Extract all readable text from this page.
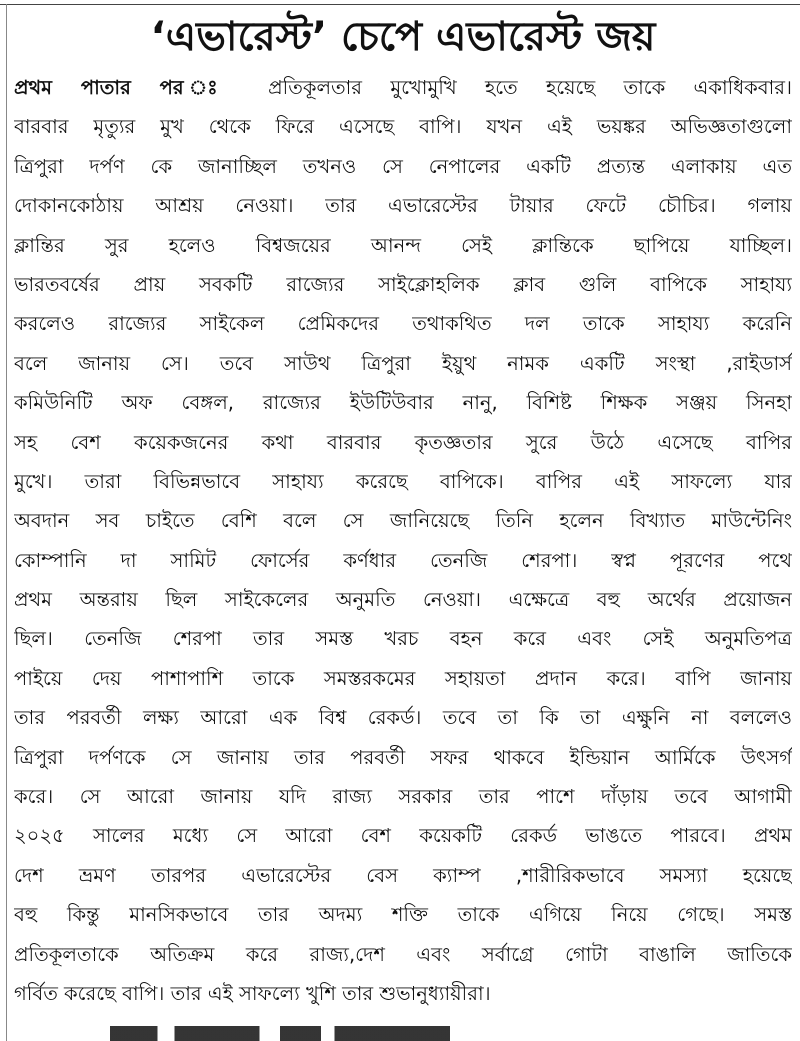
‘এভারেস্ট’ চেপে এভারেস্ট জয়
প্রথম পাতার পর ঃ প্রতিকূলতার মুখোমুখি হতে হয়েছে তাকে একাধিকবার।
বারবার মৃত্যুর মুখ থেকে ফিরে এসেছে বাপি। যখন এই ভয়ঙ্কর অভিজ্ঞতাগুলো
ত্রিপুরা দর্পণ কে জানাচ্ছিল তখনও সে নেপালের একটি প্রত্যন্ত এলাকায় এত
দোকানকোঠায় আশ্রয় নেওয়া। তার এভারেস্টের টায়ার ফেটে চৌচির। গলায়
ক্লান্তির সুর হলেও বিশ্বজয়ের আনন্দ সেই ক্লান্তিকে ছাপিয়ে যাচ্ছিল।
ভারতবর্ষের প্রায় সবকটি রাজ্যের সাইক্লোহলিক ক্লাব গুলি বাপিকে সাহায্য
করলেও রাজ্যের সাইকেল প্রেমিকদের তথাকথিত দল তাকে সাহায্য করেনি
বলে জানায় সে। তবে সাউথ ত্রিপুরা ইয়ুথ নামক একটি সংস্থা ,রাইডার্স
কমিউনিটি অফ বেঙ্গল, রাজ্যের ইউটিউবার নানু, বিশিষ্ট শিক্ষক সঞ্জয় সিনহা
সহ বেশ কয়েকজনের কথা বারবার কৃতজ্ঞতার সুরে উঠে এসেছে বাপির
মুখে। তারা বিভিন্নভাবে সাহায্য করেছে বাপিকে। বাপির এই সাফল্যে যার
অবদান সব চাইতে বেশি বলে সে জানিয়েছে তিনি হলেন বিখ্যাত মাউন্টেনিং
কোম্পানি দা সামিট ফোর্সের কর্ণধার তেনজি শেরপা। স্বপ্ন পূরণের পথে
প্রথম অন্তরায় ছিল সাইকেলের অনুমতি নেওয়া। এক্ষেত্রে বহু অর্থের প্রয়োজন
ছিল। তেনজি শেরপা তার সমস্ত খরচ বহন করে এবং সেই অনুমতিপত্র
পাইয়ে দেয় পাশাপাশি তাকে সমস্তরকমের সহায়তা প্রদান করে। বাপি জানায়
তার পরবর্তী লক্ষ্য আরো এক বিশ্ব রেকর্ড। তবে তা কি তা এক্ষুনি না বললেও
ত্রিপুরা দর্পণকে সে জানায় তার পরবর্তী সফর থাকবে ইন্ডিয়ান আর্মিকে উৎসর্গ
করে। সে আরো জানায় যদি রাজ্য সরকার তার পাশে দাঁড়ায় তবে আগামী
২০২৫ সালের মধ্যে সে আরো বেশ কয়েকটি রেকর্ড ভাঙতে পারবে। প্রথম
দেশ ভ্রমণ তারপর এভারেস্টের বেস ক্যাম্প ,শারীরিকভাবে সমস্যা হয়েছে
বহু কিন্তু মানসিকভাবে তার অদম্য শক্তি তাকে এগিয়ে নিয়ে গেছে। সমস্ত
প্রতিকূলতাকে অতিক্রম করে রাজ্য,দেশ এবং সর্বাগ্রে গোটা বাঙালি জাতিকে
গর্বিত করেছে বাপি। তার এই সাফল্যে খুশি তার শুভানুধ্যায়ীরা।
